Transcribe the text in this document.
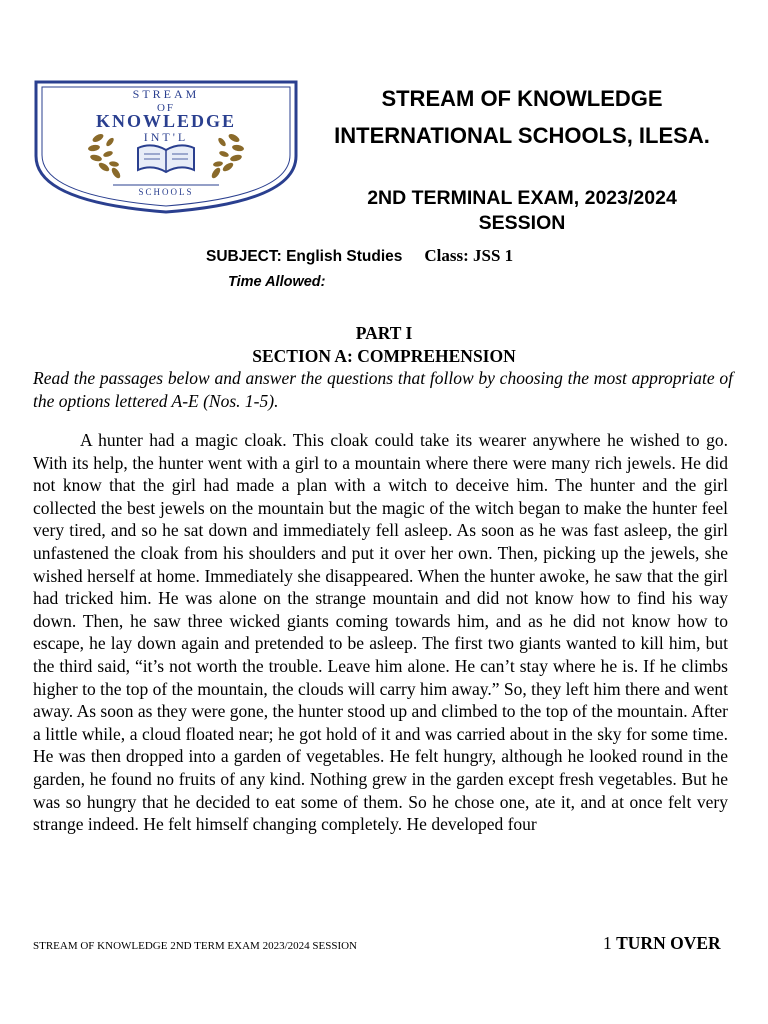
STREAM
OF
KNOWLEDGE
INT'L
SCHOOLS
STREAM OF KNOWLEDGE
INTERNATIONAL SCHOOLS, ILESA.
2ND TERMINAL EXAM, 2023/2024 SESSION
SUBJECT: English Studies Class: JSS 1
Time Allowed:
PART I
SECTION A: COMPREHENSION
Read the passages below and answer the questions that follow by choosing the most appropriate of the options lettered A-E (Nos. 1-5).
A hunter had a magic cloak. This cloak could take its wearer anywhere he wished to go. With its help, the hunter went with a girl to a mountain where there were many rich jewels. He did not know that the girl had made a plan with a witch to deceive him. The hunter and the girl collected the best jewels on the mountain but the magic of the witch began to make the hunter feel very tired, and so he sat down and immediately fell asleep. As soon as he was fast asleep, the girl unfastened the cloak from his shoulders and put it over her own. Then, picking up the jewels, she wished herself at home. Immediately she disappeared. When the hunter awoke, he saw that the girl had tricked him. He was alone on the strange mountain and did not know how to find his way down. Then, he saw three wicked giants coming towards him, and as he did not know how to escape, he lay down again and pretended to be asleep. The first two giants wanted to kill him, but the third said, “it’s not worth the trouble. Leave him alone. He can’t stay where he is. If he climbs higher to the top of the mountain, the clouds will carry him away.” So, they left him there and went away. As soon as they were gone, the hunter stood up and climbed to the top of the mountain. After a little while, a cloud floated near; he got hold of it and was carried about in the sky for some time. He was then dropped into a garden of vegetables. He felt hungry, although he looked round in the garden, he found no fruits of any kind. Nothing grew in the garden except fresh vegetables. But he was so hungry that he decided to eat some of them. So he chose one, ate it, and at once felt very strange indeed. He felt himself changing completely. He developed four
STREAM OF KNOWLEDGE 2ND TERM EXAM 2023/2024 SESSION	1 TURN OVER
